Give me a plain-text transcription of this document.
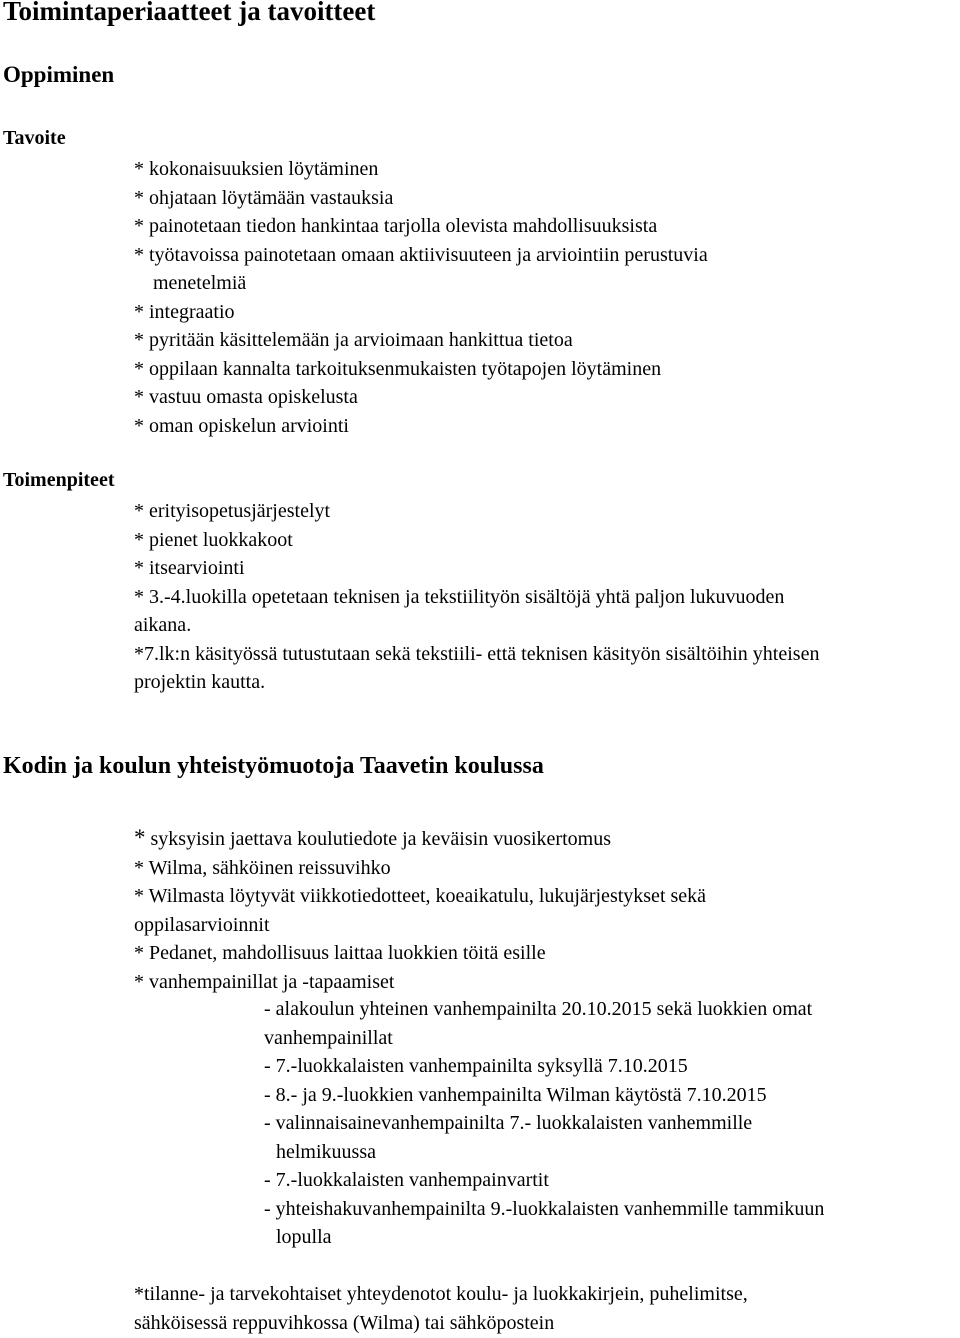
Toimintaperiaatteet ja tavoitteet
Oppiminen
Tavoite
* kokonaisuuksien löytäminen
* ohjataan löytämään vastauksia
* painotetaan tiedon hankintaa tarjolla olevista mahdollisuuksista
* työtavoissa painotetaan omaan aktiivisuuteen ja arviointiin perustuvia
menetelmiä
* integraatio
* pyritään käsittelemään ja arvioimaan hankittua tietoa
* oppilaan kannalta tarkoituksenmukaisten työtapojen löytäminen
* vastuu omasta opiskelusta
* oman opiskelun arviointi
Toimenpiteet
* erityisopetusjärjestelyt
* pienet luokkakoot
* itsearviointi
* 3.-4.luokilla opetetaan teknisen ja tekstiilityön sisältöjä yhtä paljon lukuvuoden
aikana.
*7.lk:n käsityössä tutustutaan sekä tekstiili- että teknisen käsityön sisältöihin yhteisen
projektin kautta.
Kodin ja koulun yhteistyömuotoja Taavetin koulussa
* syksyisin jaettava koulutiedote ja keväisin vuosikertomus
* Wilma, sähköinen reissuvihko
* Wilmasta löytyvät viikkotiedotteet, koeaikatulu, lukujärjestykset sekä
oppilasarvioinnit
* Pedanet, mahdollisuus laittaa luokkien töitä esille
* vanhempainillat ja -tapaamiset
- alakoulun yhteinen vanhempainilta 20.10.2015 sekä luokkien omat
vanhempainillat
- 7.-luokkalaisten vanhempainilta syksyllä 7.10.2015
- 8.- ja 9.-luokkien vanhempainilta Wilman käytöstä 7.10.2015
- valinnaisainevanhempainilta 7.- luokkalaisten vanhemmille
helmikuussa
- 7.-luokkalaisten vanhempainvartit
- yhteishakuvanhempainilta 9.-luokkalaisten vanhemmille tammikuun
lopulla

*tilanne- ja tarvekohtaiset yhteydenotot koulu- ja luokkakirjein, puhelimitse,
sähköisessä reppuvihkossa (Wilma) tai sähköpostein
